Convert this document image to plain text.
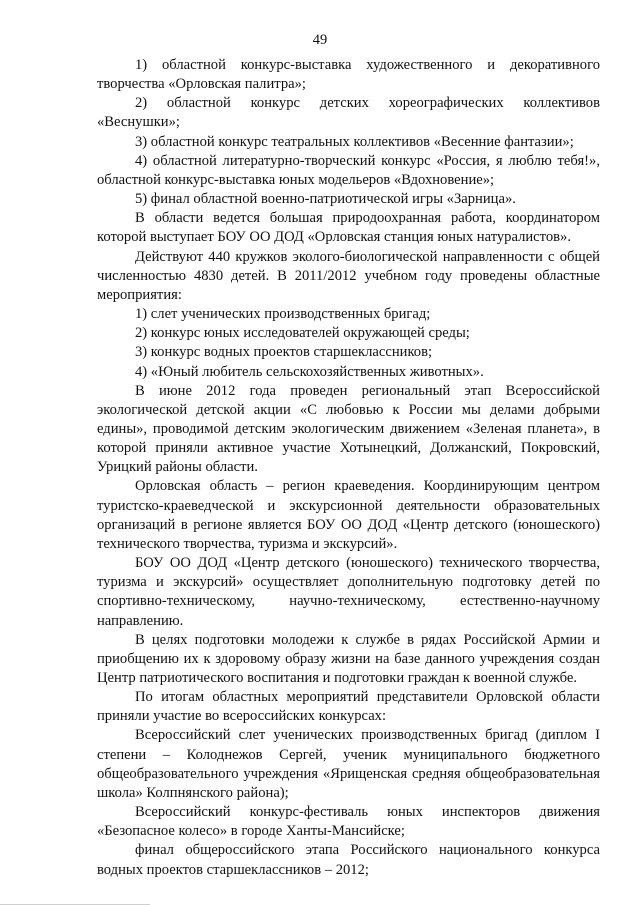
49

1) областной конкурс-выставка художественного и декоративного творчества «Орловская палитра»;

2) областной конкурс детских хореографических коллективов «Веснушки»;

3) областной конкурс театральных коллективов «Весенние фантазии»;

4) областной литературно-творческий конкурс «Россия, я люблю тебя!», областной конкурс-выставка юных модельеров «Вдохновение»;

5) финал областной военно-патриотической игры «Зарница».

В области ведется большая природоохранная работа, координатором которой выступает БОУ ОО ДОД «Орловская станция юных натуралистов».

Действуют 440 кружков эколого-биологической направленности с общей численностью 4830 детей. В 2011/2012 учебном году проведены областные мероприятия:

1) слет ученических производственных бригад;

2) конкурс юных исследователей окружающей среды;

3) конкурс водных проектов старшеклассников;

4) «Юный любитель сельскохозяйственных животных».

В июне 2012 года проведен региональный этап Всероссийской экологической детской акции «С любовью к России мы делами добрыми едины», проводимой детским экологическим движением «Зеленая планета», в которой приняли активное участие Хотынецкий, Должанский, Покровский, Урицкий районы области.

Орловская область – регион краеведения. Координирующим центром туристско-краеведческой и экскурсионной деятельности образовательных организаций в регионе является БОУ ОО ДОД «Центр детского (юношеского) технического творчества, туризма и экскурсий».

БОУ ОО ДОД «Центр детского (юношеского) технического творчества, туризма и экскурсий» осуществляет дополнительную подготовку детей по спортивно-техническому, научно-техническому, естественно-научному направлению.

В целях подготовки молодежи к службе в рядах Российской Армии и приобщению их к здоровому образу жизни на базе данного учреждения создан Центр патриотического воспитания и подготовки граждан к военной службе.

По итогам областных мероприятий представители Орловской области приняли участие во всероссийских конкурсах:

Всероссийский слет ученических производственных бригад (диплом I степени – Колоднежов Сергей, ученик муниципального бюджетного общеобразовательного учреждения «Ярищенская средняя общеобразовательная школа» Колпнянского района);

Всероссийский конкурс-фестиваль юных инспекторов движения «Безопасное колесо» в городе Ханты-Мансийске;

финал общероссийского этапа Российского национального конкурса водных проектов старшеклассников – 2012;
